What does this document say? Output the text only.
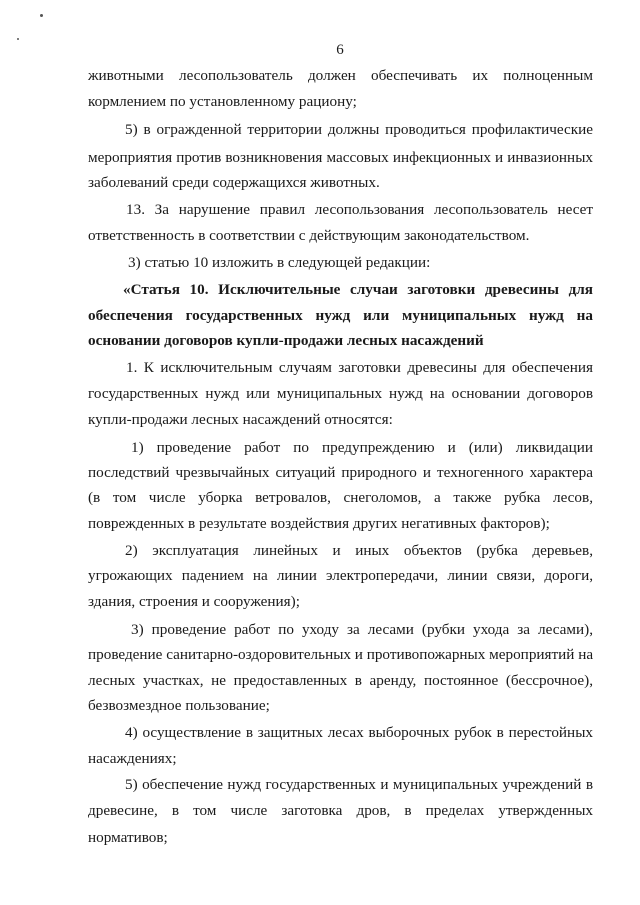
6
животными лесопользователь должен обеспечивать их полноценным
кормлением по установленному рациону;
5) в огражденной территории должны проводиться профилактические
мероприятия против возникновения массовых инфекционных и инвазионных
заболеваний среди содержащихся животных.
13. За нарушение правил лесопользования лесопользователь несет
ответственность в соответствии с действующим законодательством.
3) статью 10 изложить в следующей редакции:
«Статья 10. Исключительные случаи заготовки древесины для
обеспечения государственных нужд или муниципальных нужд на
основании договоров купли-продажи лесных насаждений
1. К исключительным случаям заготовки древесины для обеспечения
государственных нужд или муниципальных нужд на основании договоров
купли-продажи лесных насаждений относятся:
1) проведение работ по предупреждению и (или) ликвидации
последствий чрезвычайных ситуаций природного и техногенного характера
(в том числе уборка ветровалов, снеголомов, а также рубка лесов,
поврежденных в результате воздействия других негативных факторов);
2) эксплуатация линейных и иных объектов (рубка деревьев,
угрожающих падением на линии электропередачи, линии связи, дороги,
здания, строения и сооружения);
3) проведение работ по уходу за лесами (рубки ухода за лесами),
проведение санитарно-оздоровительных и противопожарных мероприятий на
лесных участках, не предоставленных в аренду, постоянное (бессрочное),
безвозмездное пользование;
4) осуществление в защитных лесах выборочных рубок в перестойных
насаждениях;
5) обеспечение нужд государственных и муниципальных учреждений в
древесине, в том числе заготовка дров, в пределах утвержденных
нормативов;
